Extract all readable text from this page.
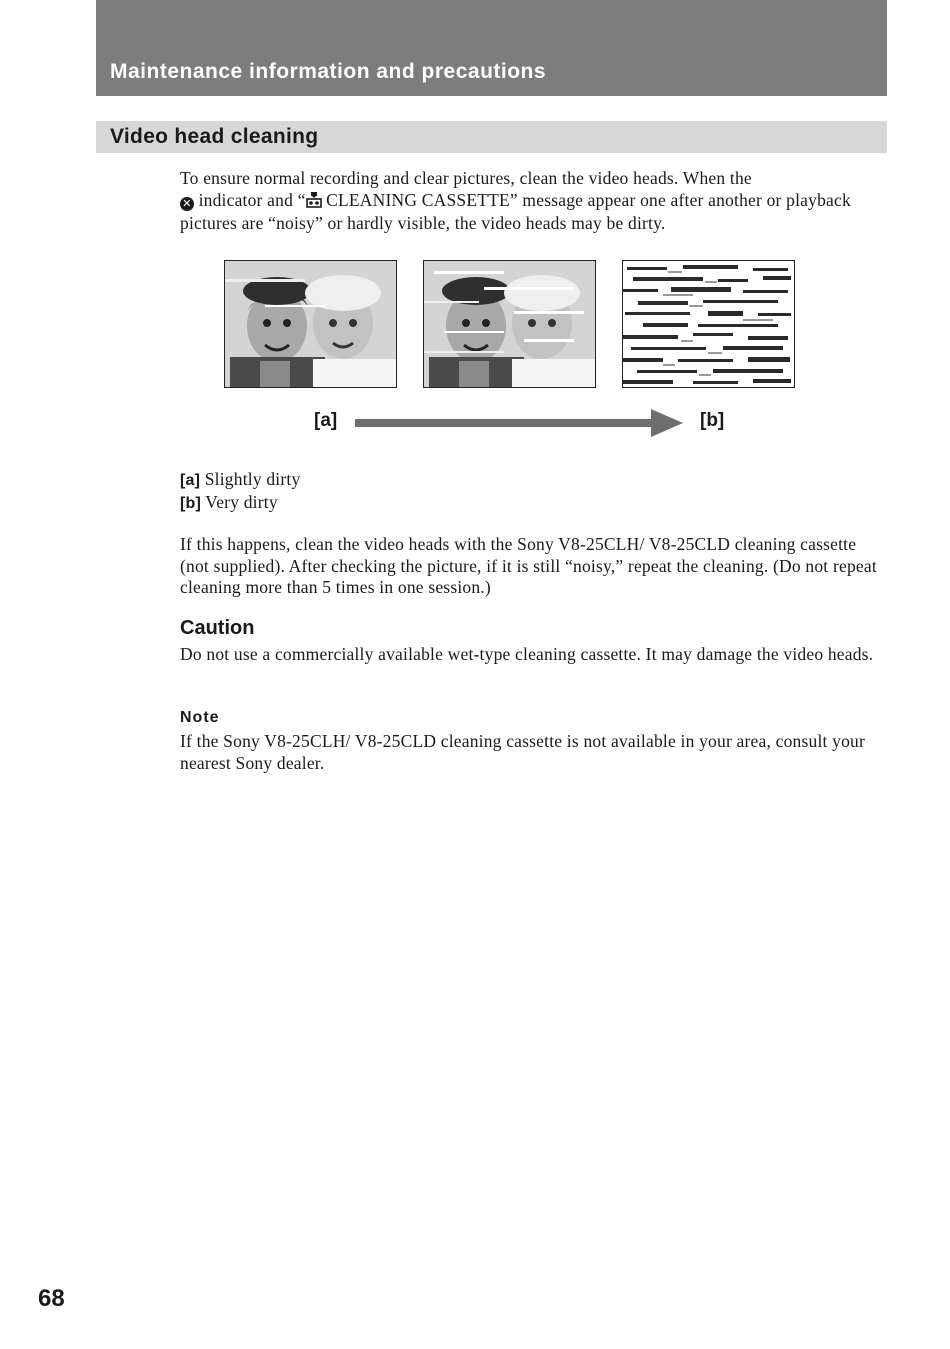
Maintenance information and precautions
Video head cleaning
To ensure normal recording and clear pictures, clean the video heads. When the
✕ indicator and “ CLEANING CASSETTE” message appear one after another or playback pictures are “noisy” or hardly visible, the video heads may be dirty.
[a]	[b]
[a] Slightly dirty
[b] Very dirty
If this happens, clean the video heads with the Sony V8-25CLH/ V8-25CLD cleaning cassette (not supplied). After checking the picture, if it is still “noisy,” repeat the cleaning. (Do not repeat cleaning more than 5 times in one session.)
Caution
Do not use a commercially available wet-type cleaning cassette. It may damage the video heads.
Note
If the Sony V8-25CLH/ V8-25CLD cleaning cassette is not available in your area, consult your nearest Sony dealer.
68
